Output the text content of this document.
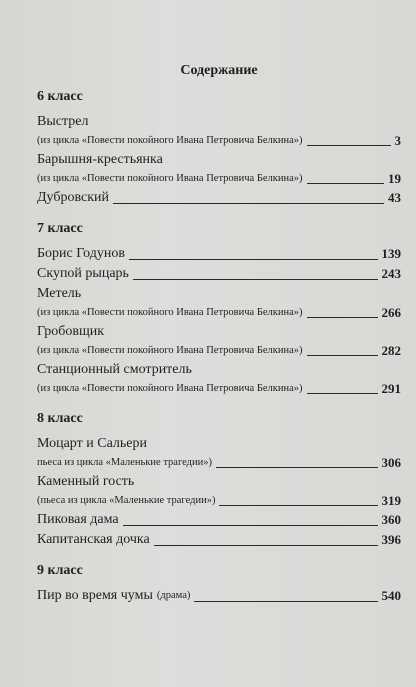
Содержание
6 класс
Выстрел
(из цикла «Повести покойного Ивана Петровича Белкина»)	3
Барышня-крестьянка
(из цикла «Повести покойного Ивана Петровича Белкина»)	19
Дубровский	43
7 класс
Борис Годунов	139
Скупой рыцарь	243
Метель
(из цикла «Повести покойного Ивана Петровича Белкина»)	266
Гробовщик
(из цикла «Повести покойного Ивана Петровича Белкина»)	282
Станционный смотритель
(из цикла «Повести покойного Ивана Петровича Белкина»)	291
8 класс
Моцарт и Сальери
пьеса из цикла «Маленькие трагедии»)	306
Каменный гость
(пьеса из цикла «Маленькие трагедии»)	319
Пиковая дама	360
Капитанская дочка	396
9 класс
Пир во время чумы (драма)	540
